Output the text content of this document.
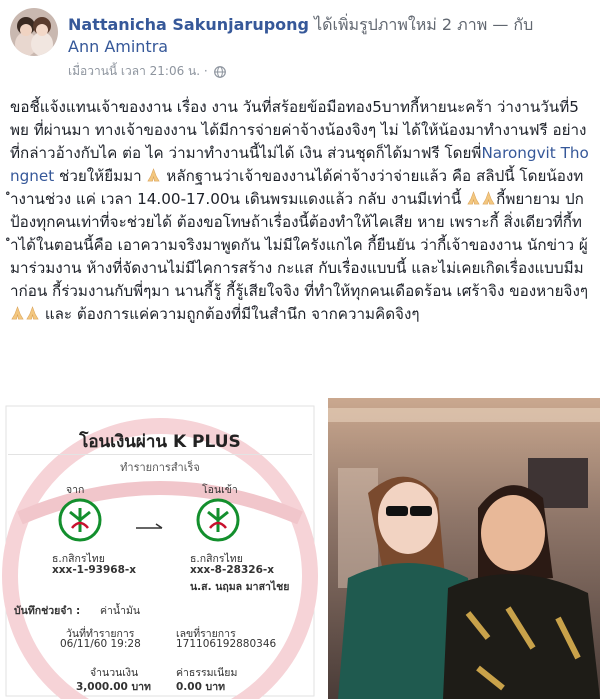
Nattanicha Sakunjarupong ได้เพิ่มรูปภาพใหม่ 2 ภาพ — กับ
Ann Amintra
เมื่อวานนี้ เวลา 21:06 น. ·
ขอชี้แจ้งแทนเจ้าของงาน เรื่อง งาน วันที่สร้อยข้อมือทอง5บาทกี้หายนะคร้า ว่างานวันที่5 พย ที่ผ่านมา ทางเจ้าของงาน ได้มีการจ่ายค่าจ้างน้องจิงๆ ไม่ ได้ให้น้องมาทำงานฟรี อย่างที่กล่าวอ้างกับไค ต่อ ไค ว่ามาทำงานนี้ไม่ได้ เงิน ส่วนชุดก็ได้มาฟรี โดยพี่Narongvit Thongnet ช่วยให้ยืมมา  หลักฐานว่าเจ้าของงานได้ค่าจ้างว่าจ่ายแล้ว คือ สลิปนี้ โดยน้องทำงานช่วง แค่ เวลา 14.00-17.00น เดินพรมแดงแล้ว กลับ งานมีเท่านี้ กี้พยายาม ปกป้องทุกคนเท่าที่จะช่วยได้ ต้องขอโทษถ้าเรื่องนี้ต้องทำให้ไคเสีย หาย เพราะกี้ สิ่งเดียวที่กี้ทำได้ในตอนนี้คือ เอาความจริงมาพูดกัน ไม่มีใครังแกไค กี้ยืนยัน ว่ากี้เจ้าของงาน นักข่าว ผู้มาร่วมงาน ห้างที่จัดงานไม่มีไคการสร้าง กะแส กับเรื่องแบบนี้ และไม่เคยเกิดเรื่องแบบมีมาก่อน กี้ร่วมงานกับพี่ๆมา นานกี้รู้ กี้รู้เสียใจจิง ที่ทำให้ทุกคนเดือดร้อน เศร้าจิง ของหายจิงๆ และ ต้องการแค่ความถูกต้องที่มีในสำนึก จากความคิดจิงๆ
โอนเงินผ่าน K PLUS
ทำรายการสำเร็จ
จาก	โอนเข้า
ธ.กสิกรไทย
xxx-1-93968-x
ธ.กสิกรไทย
xxx-8-28326-x
น.ส. นฤมล มาสาไชย
บันทึกช่วยจำ : ค่าน้ำมัน
วันที่ทำรายการ
06/11/60 19:28
เลขที่รายการ
171106192880346
จำนวนเงิน
3,000.00 บาท
ค่าธรรมเนียม
0.00 บาท
